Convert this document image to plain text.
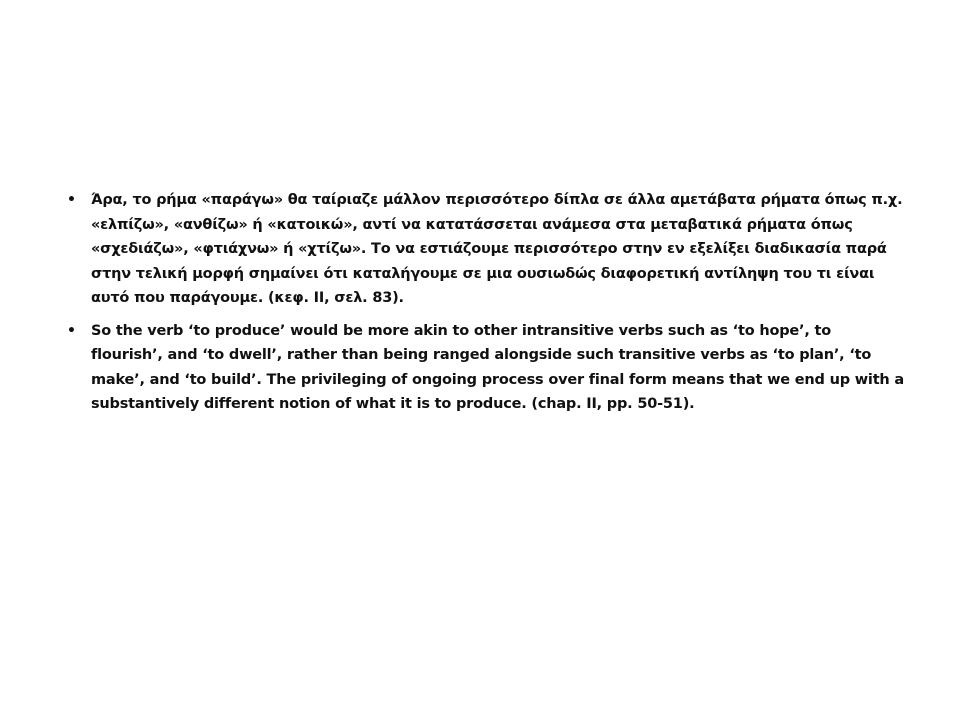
• Άρα, το ρήμα «παράγω» θα ταίριαζε μάλλον περισσότερο δίπλα σε άλλα αμετάβατα ρήματα όπως π.χ. «ελπίζω», «ανθίζω» ή «κατοικώ», αντί να κατατάσσεται ανάμεσα στα μεταβατικά ρήματα όπως «σχεδιάζω», «φτιάχνω» ή «χτίζω». Το να εστιάζουμε περισσότερο στην εν εξελίξει διαδικασία παρά στην τελική μορφή σημαίνει ότι καταλήγουμε σε μια ουσιωδώς διαφορετική αντίληψη του τι είναι αυτό που παράγουμε. (κεφ. II, σελ. 83).
• So the verb ‘to produce’ would be more akin to other intransitive verbs such as ‘to hope’, to flourish’, and ‘to dwell’, rather than being ranged alongside such transitive verbs as ‘to plan’, ‘to make’, and ‘to build’. The privileging of ongoing process over final form means that we end up with a substantively different notion of what it is to produce. (chap. II, pp. 50-51).
